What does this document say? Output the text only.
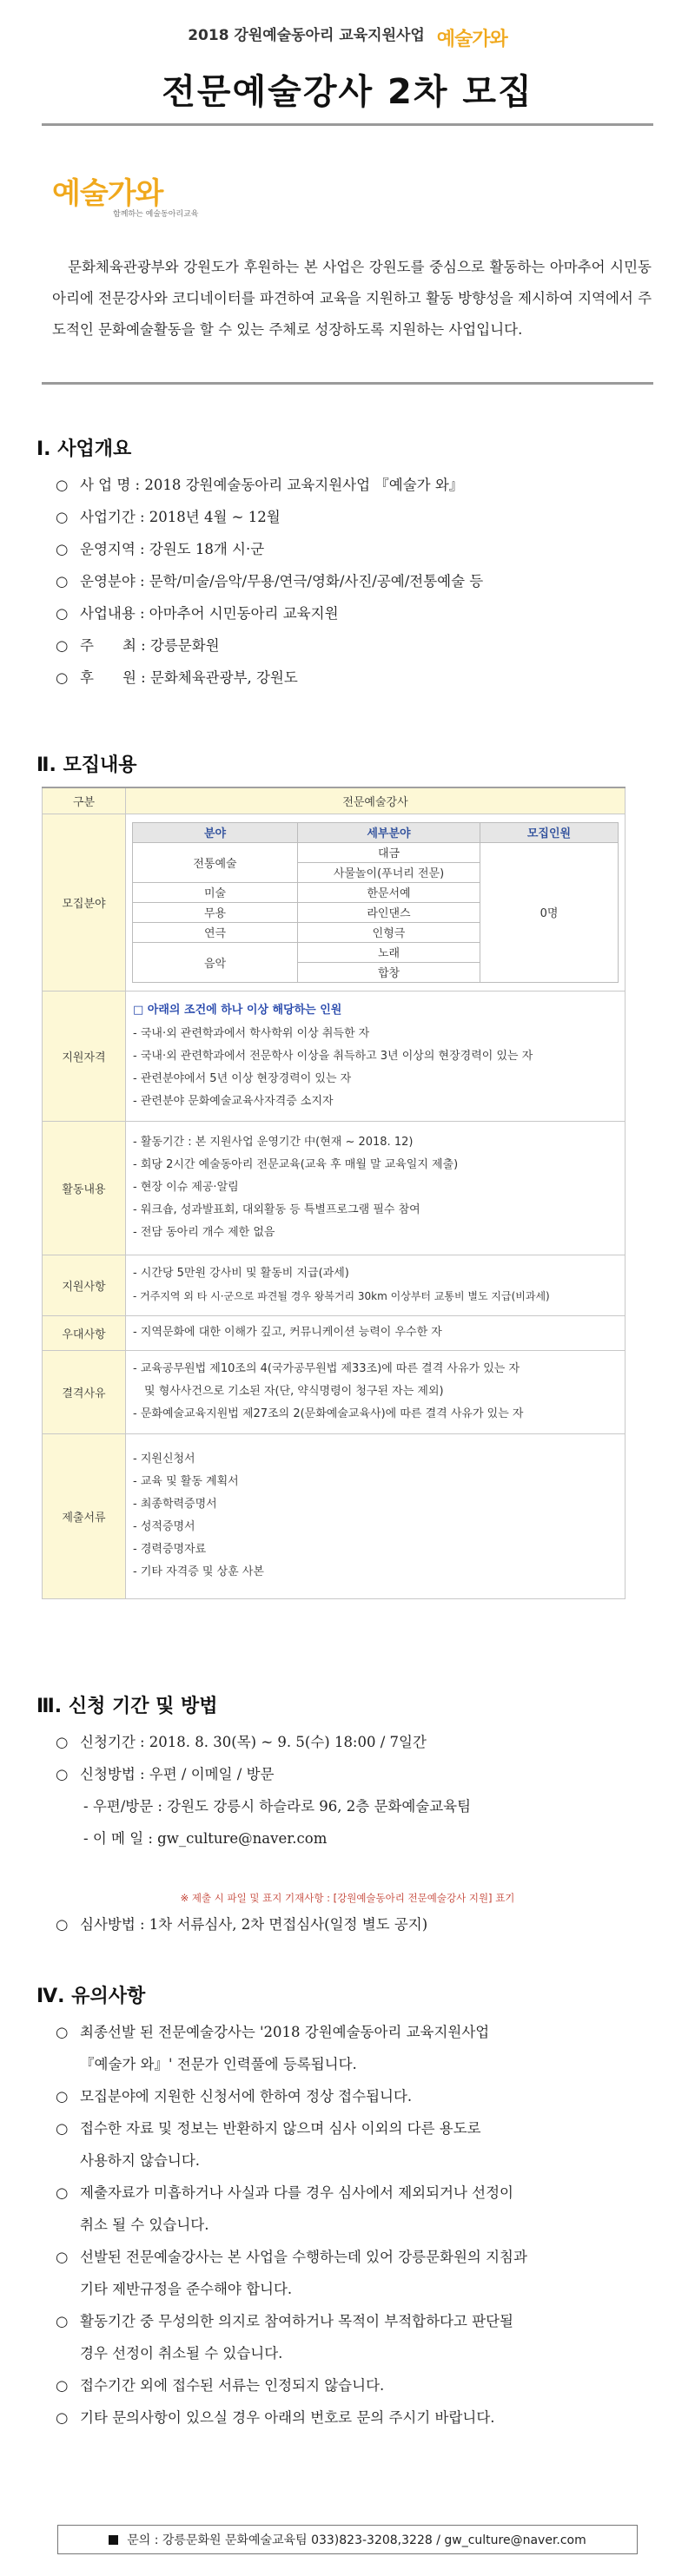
2018 강원예술동아리 교육지원사업 예술가와
전문예술강사 2차 모집
예술가와
함께하는 예술동아리교육

문화체육관광부와 강원도가 후원하는 본 사업은 강원도를 중심으로 활동하는 아마추어 시민동아리에 전문강사와 코디네이터를 파견하여 교육을 지원하고 활동 방향성을 제시하여 지역에서 주도적인 문화예술활동을 할 수 있는 주체로 성장하도록 지원하는 사업입니다.

Ⅰ. 사업개요
○ 사 업 명 : 2018 강원예술동아리 교육지원사업 『예술가 와』
○ 사업기간 : 2018년 4월 ~ 12월
○ 운영지역 : 강원도 18개 시·군
○ 운영분야 : 문학/미술/음악/무용/연극/영화/사진/공예/전통예술 등
○ 사업내용 : 아마추어 시민동아리 교육지원
○ 주　　최 : 강릉문화원
○ 후　　원 : 문화체육관광부, 강원도
Ⅱ. 모집내용
구분	전문예술강사
모집분야	
분야	세부분야	모집인원
전통예술	대금	0명
사물놀이(푸너리 전문)
미술	한문서예
무용	라인댄스
연극	인형극
음악	노래
합창

지원자격	
□ 아래의 조건에 하나 이상 해당하는 인원
- 국내·외 관련학과에서 학사학위 이상 취득한 자
- 국내·외 관련학과에서 전문학사 이상을 취득하고 3년 이상의 현장경력이 있는 자
- 관련분야에서 5년 이상 현장경력이 있는 자
- 관련분야 문화예술교육사자격증 소지자

활동내용	
- 활동기간 : 본 지원사업 운영기간 中(현재 ~ 2018. 12)
- 회당 2시간 예술동아리 전문교육(교육 후 매월 말 교육일지 제출)
- 현장 이슈 제공·알림
- 워크숍, 성과발표회, 대외활동 등 특별프로그램 필수 참여
- 전담 동아리 개수 제한 없음

지원사항	
- 시간당 5만원 강사비 및 활동비 지급(과세)
- 거주지역 외 타 시·군으로 파견될 경우 왕복거리 30km 이상부터 교통비 별도 지급(비과세)

우대사항	- 지역문화에 대한 이해가 깊고, 커뮤니케이션 능력이 우수한 자

결격사유	
- 교육공무원법 제10조의 4(국가공무원법 제33조)에 따른 결격 사유가 있는 자
　및 형사사건으로 기소된 자(단, 약식명령이 청구된 자는 제외)
- 문화예술교육지원법 제27조의 2(문화예술교육사)에 따른 결격 사유가 있는 자

제출서류	
- 지원신청서
- 교육 및 활동 계획서
- 최종학력증명서
- 성적증명서
- 경력증명자료
- 기타 자격증 및 상훈 사본
Ⅲ. 신청 기간 및 방법
○ 신청기간 : 2018. 8. 30(목) ~ 9. 5(수) 18:00 / 7일간
○ 신청방법 : 우편 / 이메일 / 방문
- 우편/방문 : 강원도 강릉시 하슬라로 96, 2층 문화예술교육팀
- 이 메 일 : gw_culture@naver.com
※ 제출 시 파일 및 표지 기재사항 : [강원예술동아리 전문예술강사 지원] 표기
○ 심사방법 : 1차 서류심사, 2차 면접심사(일정 별도 공지)
Ⅳ. 유의사항
○ 최종선발 된 전문예술강사는 '2018 강원예술동아리 교육지원사업
『예술가 와』' 전문가 인력풀에 등록됩니다.
○ 모집분야에 지원한 신청서에 한하여 정상 접수됩니다.
○ 접수한 자료 및 정보는 반환하지 않으며 심사 이외의 다른 용도로
사용하지 않습니다.
○ 제출자료가 미흡하거나 사실과 다를 경우 심사에서 제외되거나 선정이
취소 될 수 있습니다.
○ 선발된 전문예술강사는 본 사업을 수행하는데 있어 강릉문화원의 지침과
기타 제반규정을 준수해야 합니다.
○ 활동기간 중 무성의한 의지로 참여하거나 목적이 부적합하다고 판단될
경우 선정이 취소될 수 있습니다.
○ 접수기간 외에 접수된 서류는 인정되지 않습니다.
○ 기타 문의사항이 있으실 경우 아래의 번호로 문의 주시기 바랍니다.
문의 : 강릉문화원 문화예술교육팀 033)823-3208,3228 / gw_culture@naver.com
